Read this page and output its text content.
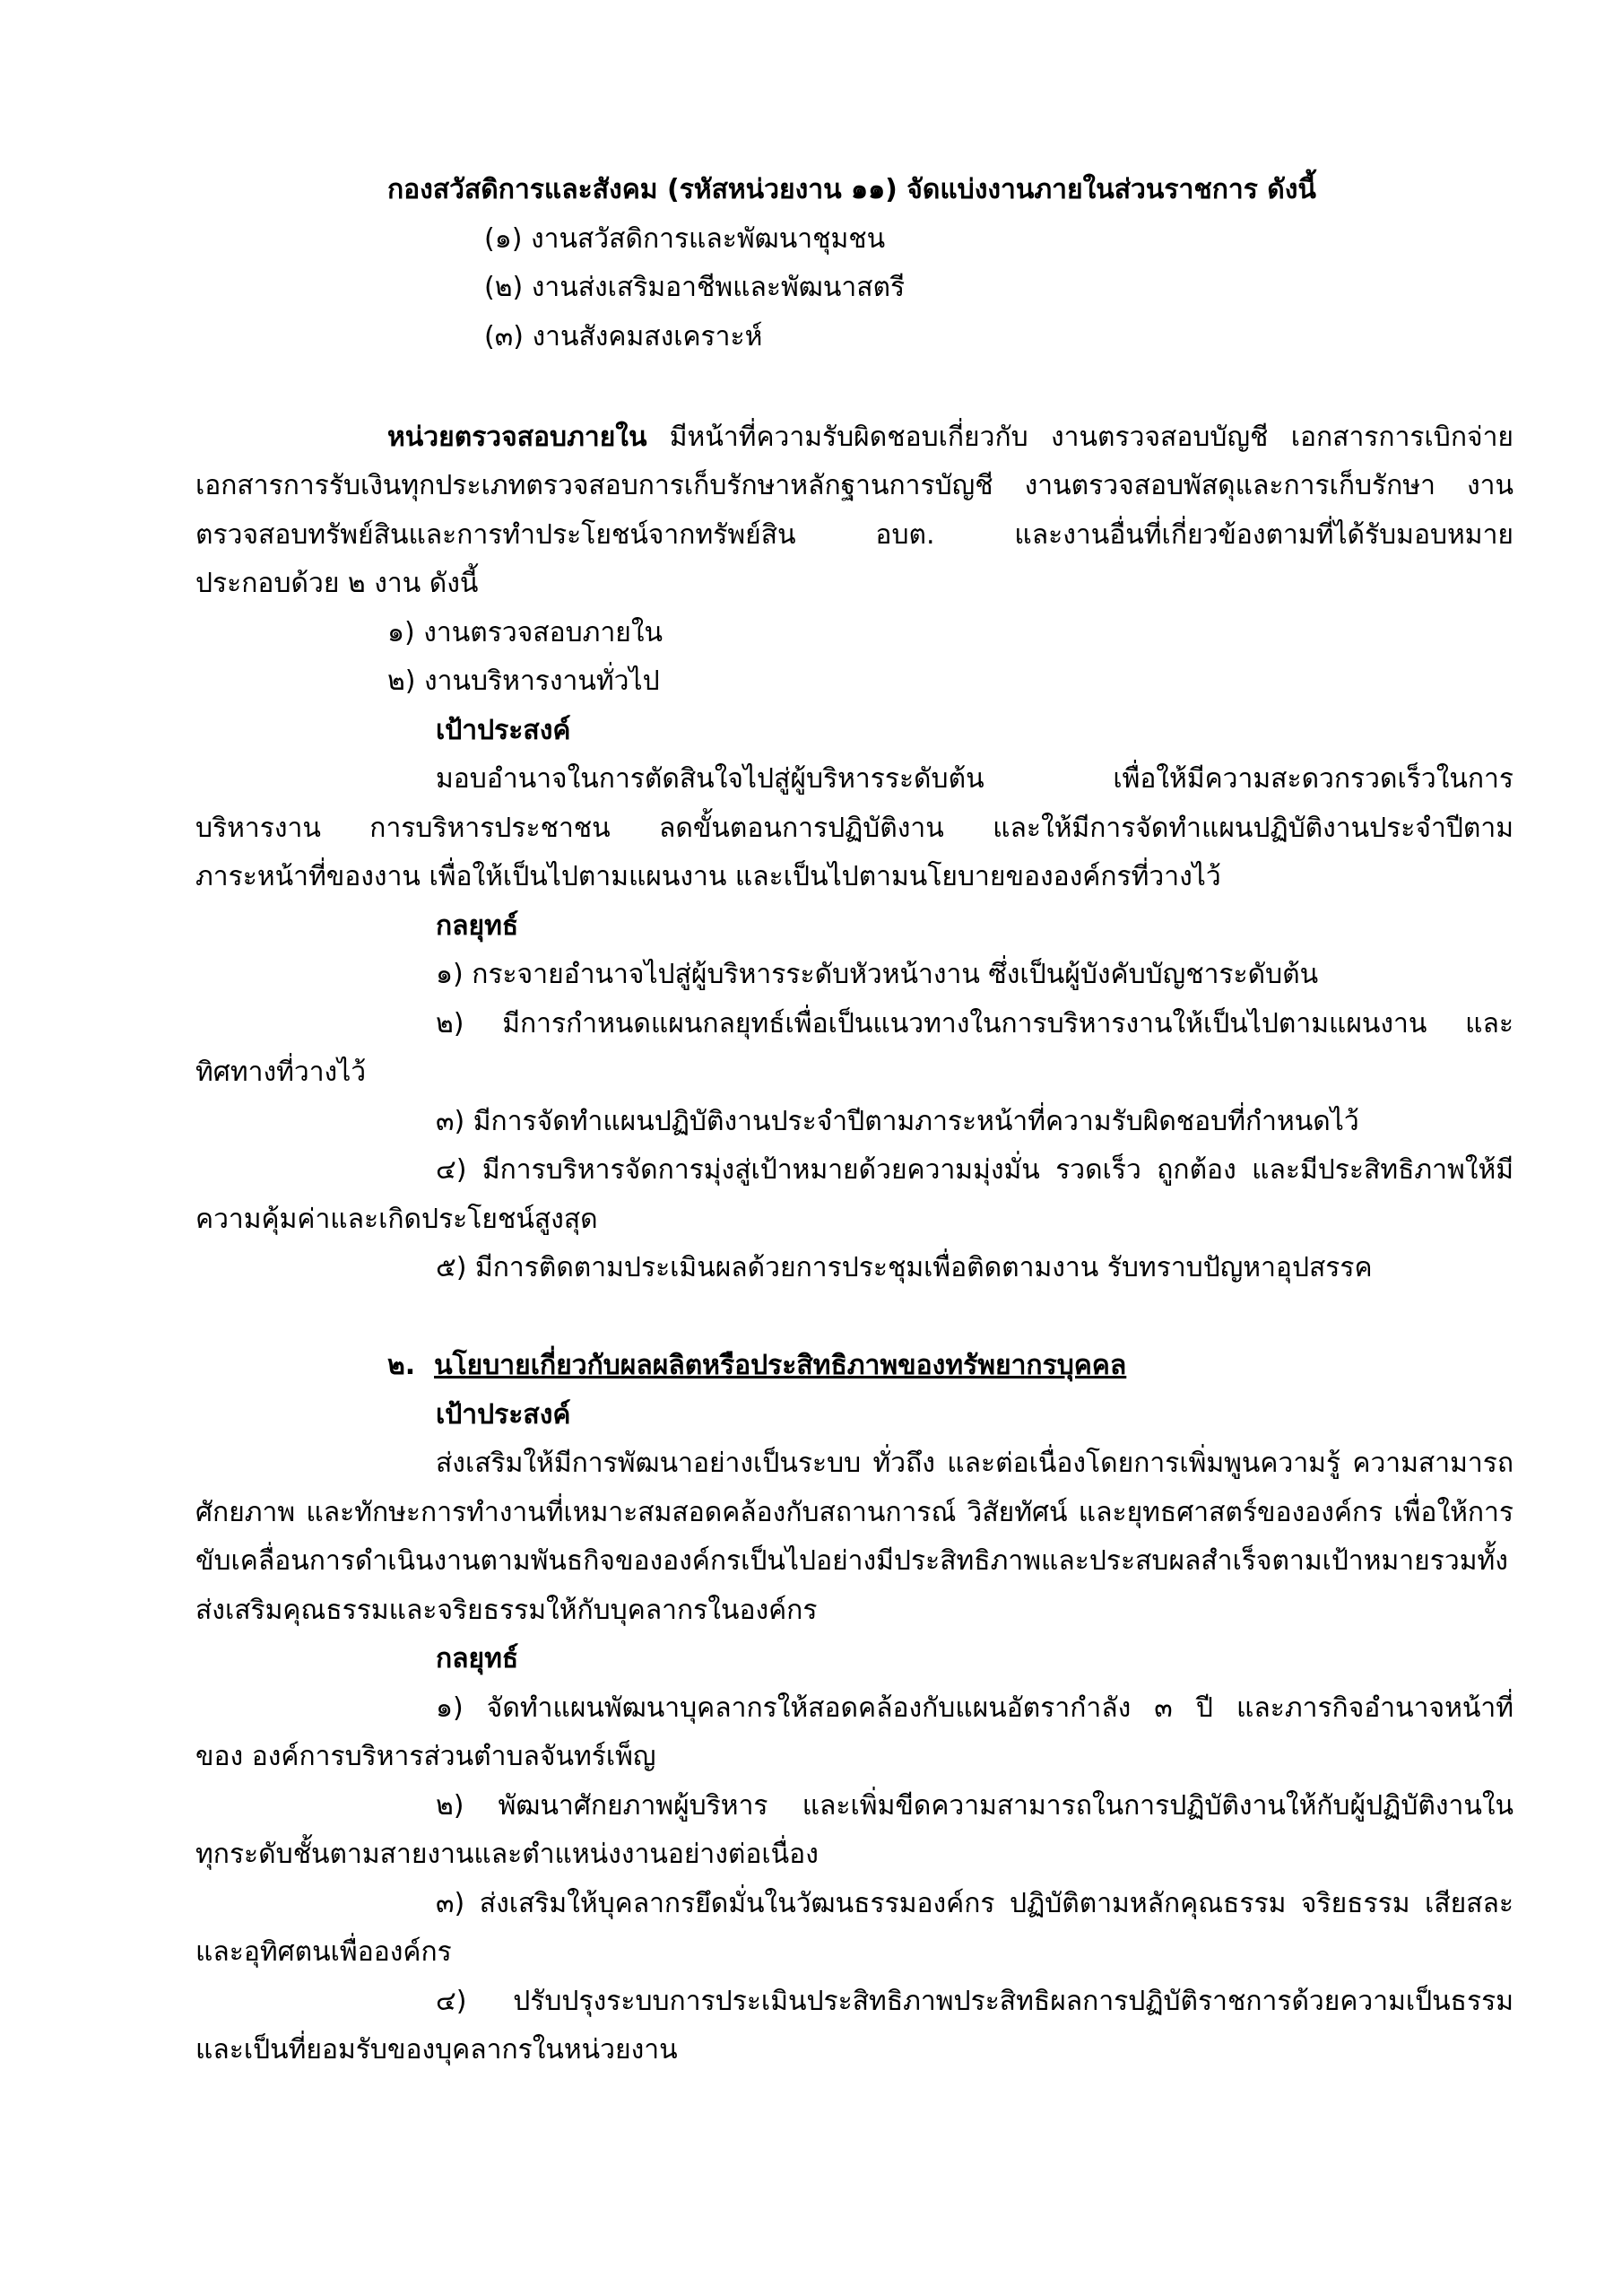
กองสวัสดิการและสังคม (รหัสหน่วยงาน ๑๑) จัดแบ่งงานภายในส่วนราชการ ดังนี้
(๑) งานสวัสดิการและพัฒนาชุมชน
(๒) งานส่งเสริมอาชีพและพัฒนาสตรี
(๓) งานสังคมสงเคราะห์
หน่วยตรวจสอบภายใน มีหน้าที่ความรับผิดชอบเกี่ยวกับ งานตรวจสอบบัญชี เอกสารการเบิกจ่าย
เอกสารการรับเงินทุกประเภทตรวจสอบการเก็บรักษาหลักฐานการบัญชี งานตรวจสอบพัสดุและการเก็บรักษา งาน
ตรวจสอบทรัพย์สินและการทำประโยชน์จากทรัพย์สิน อบต. และงานอื่นที่เกี่ยวข้องตามที่ได้รับมอบหมาย
ประกอบด้วย ๒ งาน ดังนี้
๑) งานตรวจสอบภายใน
๒) งานบริหารงานทั่วไป
เป้าประสงค์
มอบอำนาจในการตัดสินใจไปสู่ผู้บริหารระดับต้น เพื่อให้มีความสะดวกรวดเร็วในการ
บริหารงาน การบริหารประชาชน ลดขั้นตอนการปฏิบัติงาน และให้มีการจัดทำแผนปฏิบัติงานประจำปีตาม
ภาระหน้าที่ของงาน เพื่อให้เป็นไปตามแผนงาน และเป็นไปตามนโยบายขององค์กรที่วางไว้
กลยุทธ์
๑) กระจายอำนาจไปสู่ผู้บริหารระดับหัวหน้างาน ซึ่งเป็นผู้บังคับบัญชาระดับต้น
๒) มีการกำหนดแผนกลยุทธ์เพื่อเป็นแนวทางในการบริหารงานให้เป็นไปตามแผนงาน และ
ทิศทางที่วางไว้
๓) มีการจัดทำแผนปฏิบัติงานประจำปีตามภาระหน้าที่ความรับผิดชอบที่กำหนดไว้
๔) มีการบริหารจัดการมุ่งสู่เป้าหมายด้วยความมุ่งมั่น รวดเร็ว ถูกต้อง และมีประสิทธิภาพให้มี
ความคุ้มค่าและเกิดประโยชน์สูงสุด
๕) มีการติดตามประเมินผลด้วยการประชุมเพื่อติดตามงาน รับทราบปัญหาอุปสรรค
๒. นโยบายเกี่ยวกับผลผลิตหรือประสิทธิภาพของทรัพยากรบุคคล
เป้าประสงค์
ส่งเสริมให้มีการพัฒนาอย่างเป็นระบบ ทั่วถึง และต่อเนื่องโดยการเพิ่มพูนความรู้ ความสามารถ
ศักยภาพ และทักษะการทำงานที่เหมาะสมสอดคล้องกับสถานการณ์ วิสัยทัศน์ และยุทธศาสตร์ขององค์กร เพื่อให้การ
ขับเคลื่อนการดำเนินงานตามพันธกิจขององค์กรเป็นไปอย่างมีประสิทธิภาพและประสบผลสำเร็จตามเป้าหมายรวมทั้ง
ส่งเสริมคุณธรรมและจริยธรรมให้กับบุคลากรในองค์กร
กลยุทธ์
๑) จัดทำแผนพัฒนาบุคลากรให้สอดคล้องกับแผนอัตรากำลัง ๓ ปี และภารกิจอำนาจหน้าที่
ของ องค์การบริหารส่วนตำบลจันทร์เพ็ญ
๒) พัฒนาศักยภาพผู้บริหาร และเพิ่มขีดความสามารถในการปฏิบัติงานให้กับผู้ปฏิบัติงานใน
ทุกระดับชั้นตามสายงานและตำแหน่งงานอย่างต่อเนื่อง
๓) ส่งเสริมให้บุคลากรยึดมั่นในวัฒนธรรมองค์กร ปฏิบัติตามหลักคุณธรรม จริยธรรม เสียสละ
และอุทิศตนเพื่อองค์กร
๔) ปรับปรุงระบบการประเมินประสิทธิภาพประสิทธิผลการปฏิบัติราชการด้วยความเป็นธรรม
และเป็นที่ยอมรับของบุคลากรในหน่วยงาน
